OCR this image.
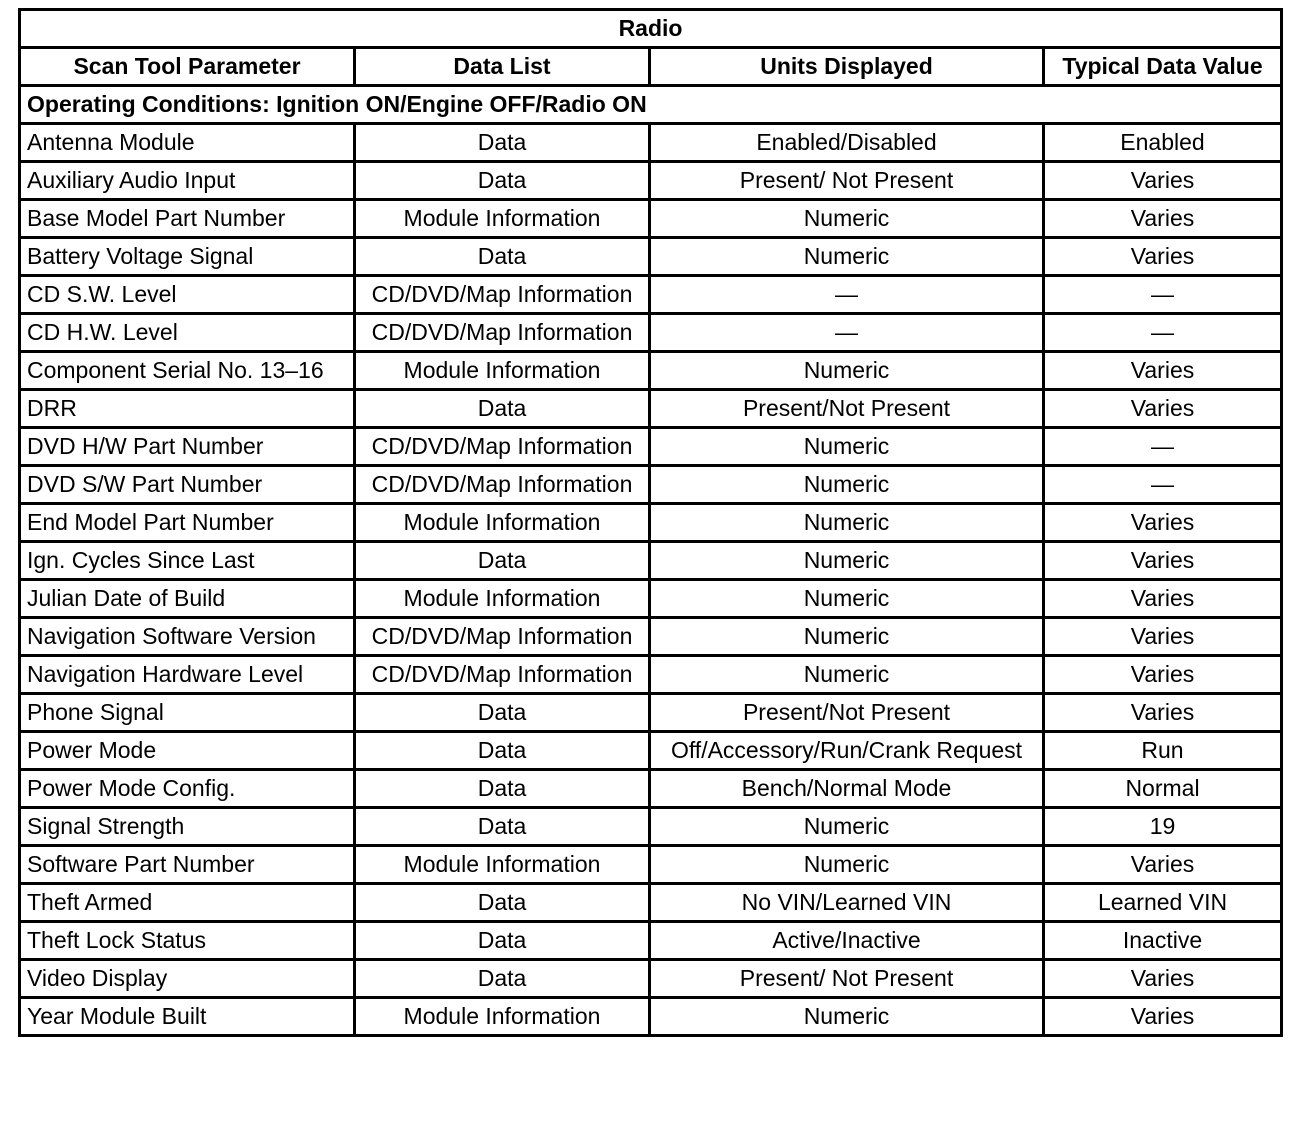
Radio			
Scan Tool Parameter	Data List	Units Displayed	Typical Data Value
Operating Conditions: Ignition ON/Engine OFF/Radio ON			
Antenna Module	Data	Enabled/Disabled	Enabled
Auxiliary Audio Input	Data	Present/ Not Present	Varies
Base Model Part Number	Module Information	Numeric	Varies
Battery Voltage Signal	Data	Numeric	Varies
CD S.W. Level	CD/DVD/Map Information	—	—
CD H.W. Level	CD/DVD/Map Information	—	—
Component Serial No. 13–16	Module Information	Numeric	Varies
DRR	Data	Present/Not Present	Varies
DVD H/W Part Number	CD/DVD/Map Information	Numeric	—
DVD S/W Part Number	CD/DVD/Map Information	Numeric	—
End Model Part Number	Module Information	Numeric	Varies
Ign. Cycles Since Last	Data	Numeric	Varies
Julian Date of Build	Module Information	Numeric	Varies
Navigation Software Version	CD/DVD/Map Information	Numeric	Varies
Navigation Hardware Level	CD/DVD/Map Information	Numeric	Varies
Phone Signal	Data	Present/Not Present	Varies
Power Mode	Data	Off/Accessory/Run/Crank Request	Run
Power Mode Config.	Data	Bench/Normal Mode	Normal
Signal Strength	Data	Numeric	19
Software Part Number	Module Information	Numeric	Varies
Theft Armed	Data	No VIN/Learned VIN	Learned VIN
Theft Lock Status	Data	Active/Inactive	Inactive
Video Display	Data	Present/ Not Present	Varies
Year Module Built	Module Information	Numeric	Varies
